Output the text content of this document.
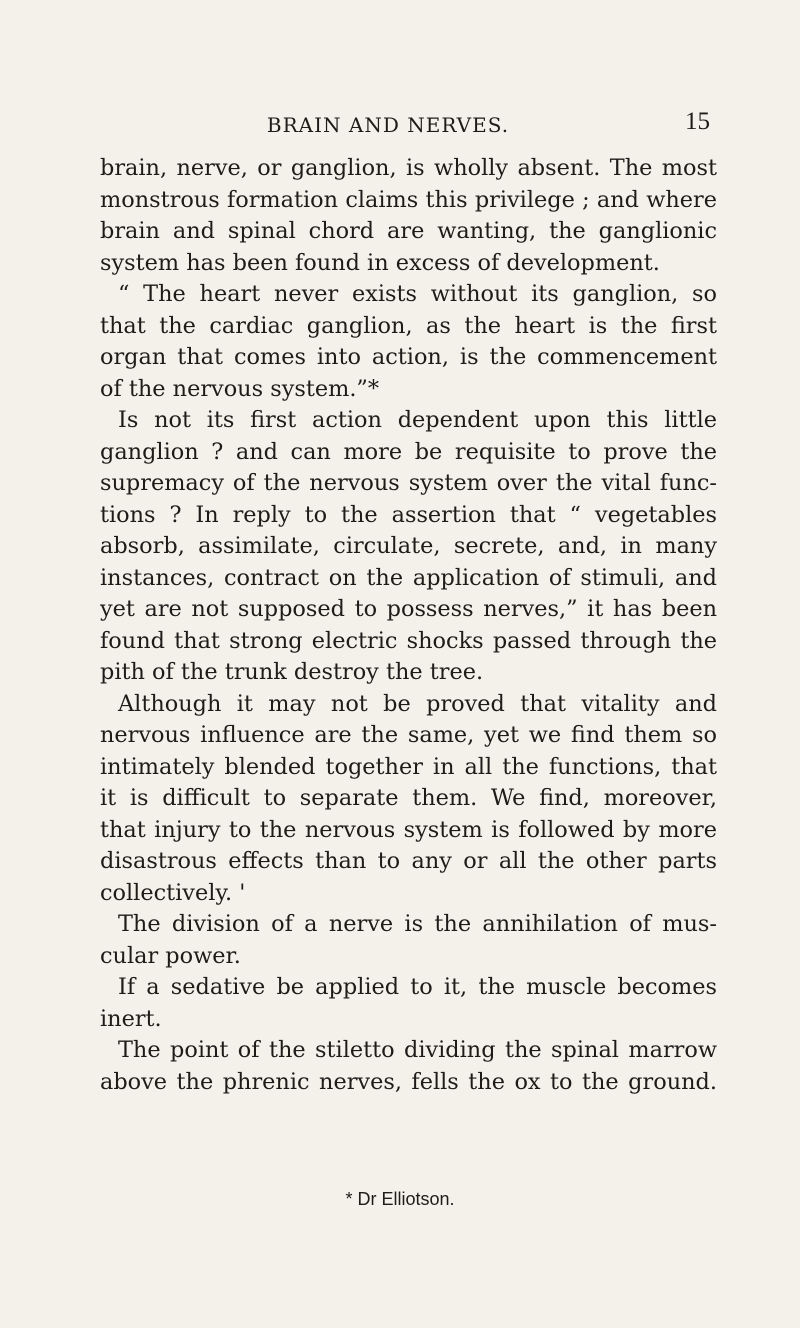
BRAIN AND NERVES.	15
brain, nerve, or ganglion, is wholly absent. The most
monstrous formation claims this privilege ; and where
brain and spinal chord are wanting, the ganglionic
system has been found in excess of development.
“ The heart never exists without its ganglion, so
that the cardiac ganglion, as the heart is the first
organ that comes into action, is the commencement
of the nervous system.”*
Is not its first action dependent upon this little
ganglion ? and can more be requisite to prove the
supremacy of the nervous system over the vital func-
tions ? In reply to the assertion that “ vegetables
absorb, assimilate, circulate, secrete, and, in many
instances, contract on the application of stimuli, and
yet are not supposed to possess nerves,” it has been
found that strong electric shocks passed through the
pith of the trunk destroy the tree.
Although it may not be proved that vitality and
nervous influence are the same, yet we find them so
intimately blended together in all the functions, that
it is difficult to separate them. We find, moreover,
that injury to the nervous system is followed by more
disastrous effects than to any or all the other parts
collectively. '
The division of a nerve is the annihilation of mus-
cular power.
If a sedative be applied to it, the muscle becomes
inert.
The point of the stiletto dividing the spinal marrow
above the phrenic nerves, fells the ox to the ground.
* Dr Elliotson.
